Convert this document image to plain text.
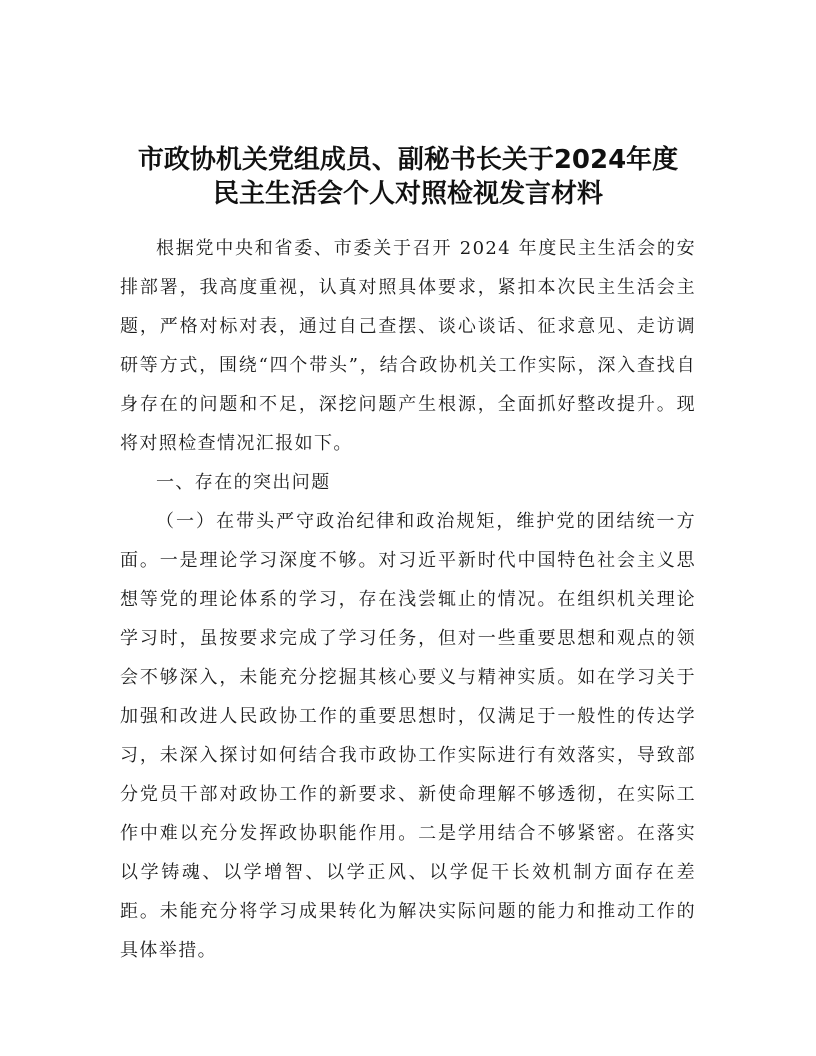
市政协机关党组成员、副秘书长关于2024年度
民主生活会个人对照检视发言材料

根据党中央和省委、市委关于召开 2024 年度民主生活会的安排部署，我高度重视，认真对照具体要求，紧扣本次民主生活会主题，严格对标对表，通过自己查摆、谈心谈话、征求意见、走访调研等方式，围绕“四个带头”，结合政协机关工作实际，深入查找自身存在的问题和不足，深挖问题产生根源，全面抓好整改提升。现将对照检查情况汇报如下。

一、存在的突出问题

（一）在带头严守政治纪律和政治规矩，维护党的团结统一方面。一是理论学习深度不够。对习近平新时代中国特色社会主义思想等党的理论体系的学习，存在浅尝辄止的情况。在组织机关理论学习时，虽按要求完成了学习任务，但对一些重要思想和观点的领会不够深入，未能充分挖掘其核心要义与精神实质。如在学习关于加强和改进人民政协工作的重要思想时，仅满足于一般性的传达学习，未深入探讨如何结合我市政协工作实际进行有效落实，导致部分党员干部对政协工作的新要求、新使命理解不够透彻，在实际工作中难以充分发挥政协职能作用。二是学用结合不够紧密。在落实以学铸魂、以学增智、以学正风、以学促干长效机制方面存在差距。未能充分将学习成果转化为解决实际问题的能力和推动工作的具体举措。
